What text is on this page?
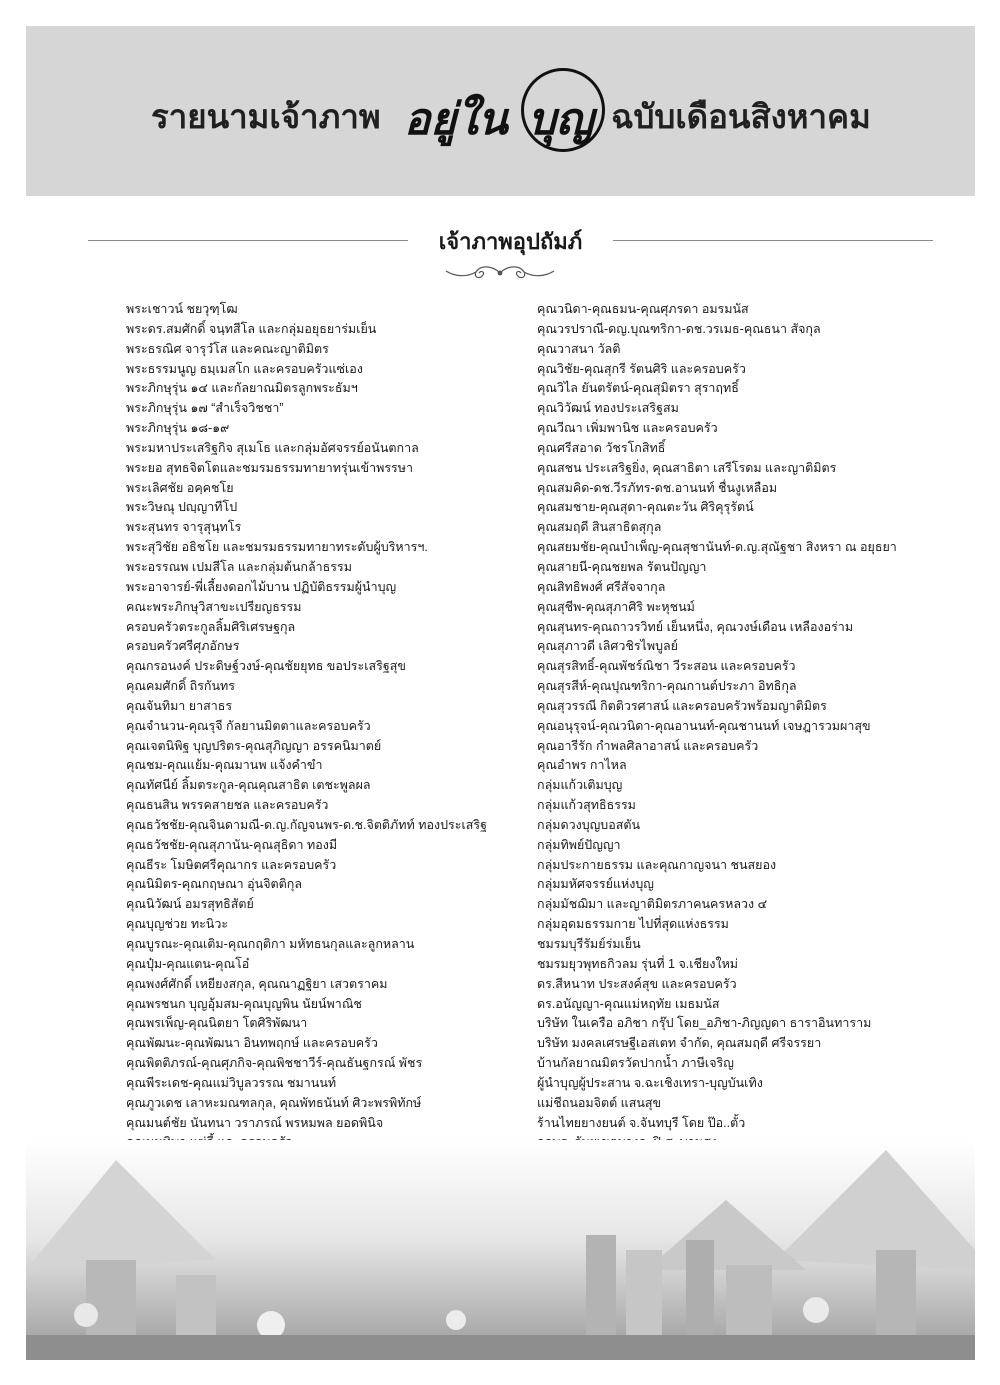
รายนามเจ้าภาพ อยู่ใน บุญ ฉบับเดือนสิงหาคม
เจ้าภาพอุปถัมภ์
พระเชาวน์ ชยวุฑฺโฒ
พระดร.สมศักดิ์ จนฺทสีโล และกลุ่มอยุธยาร่มเย็น
พระธรณิศ จารุวํโส และคณะญาติมิตร
พระธรรมนูญ ธมฺเมสโก และครอบครัวแซ่เอง
พระภิกษุรุ่น ๑๔ และกัลยาณมิตรลูกพระธัมฯ
พระภิกษุรุ่น ๑๗ “สำเร็จวิชชา”
พระภิกษุรุ่น ๑๘-๑๙
พระมหาประเสริฐกิจ สุเมโธ และกลุ่มอัศจรรย์อนันตกาล
พระยอ สุทธจิตโตและชมรมธรรมทายาทรุ่นเข้าพรรษา
พระเลิศชัย อคฺคชโย
พระวิษณุ ปญฺญาทีโป
พระสุนทร จารุสุนฺทโร
พระสุวิชัย อธิชโย และชมรมธรรมทายาทระดับผู้บริหารฯ.
พระอรรณพ เปมสีโล และกลุ่มต้นกล้าธรรม
พระอาจารย์-พี่เลี้ยงดอกไม้บาน ปฏิบัติธรรมผู้นำบุญ
คณะพระภิกษุวิสาขะเปรียญธรรม
ครอบครัวตระกูลลิ้มศิริเศรษฐกุล
ครอบครัวศรีศุภอักษร
คุณกรอนงค์ ประดิษฐ์วงษ์-คุณชัยยุทธ ขอประเสริฐสุข
คุณคมศักดิ์ ถิรกันทร
คุณจันทิมา ยาสาธร
คุณจำนวน-คุณรุจี กัลยานมิตตาและครอบครัว
คุณเจตนิพิฐ บุญปริตร-คุณสุภิญญา อรรคนิมาตย์
คุณชม-คุณแย้ม-คุณมานพ แจ้งคำขำ
คุณทัศนีย์ ลิ้มตระกูล-คุณคุณสาธิต เตชะพูลผล
คุณธนสิน พรรคสายชล และครอบครัว
คุณธวัชชัย-คุณจินดามณี-ด.ญ.กัญจนพร-ด.ช.จิตติภัทท์ ทองประเสริฐ
คุณธวัชชัย-คุณสุภานัน-คุณสุธิดา ทองมี
คุณธีระ โมษิตศรีคุณากร และครอบครัว
คุณนิมิตร-คุณกฤษณา อุ่นจิตติกุล
คุณนิวัฒน์ อมรสุทธิสัตย์
คุณบุญช่วย ทะนิวะ
คุณบูรณะ-คุณเติม-คุณกฤติกา มหัทธนกุลและลูกหลาน
คุณปุ๋ม-คุณแตน-คุณโอ๋
คุณพงศ์ศักดิ์ เหยียงสกุล, คุณณาฏฐิยา เสวตราคม
คุณพรชนก บุญอุ้มสม-คุณบุญพิน นัยน์พาณิช
คุณพรเพ็ญ-คุณนิตยา โตศิริพัฒนา
คุณพัฒนะ-คุณพัฒนา อินทพฤกษ์ และครอบครัว
คุณพิตติภรณ์-คุณศุภกิจ-คุณพิชชาวีร์-คุณธันฐกรณ์ พัชร
คุณพีระเดช-คุณแม่วิบูลวรรณ ชมานนท์
คุณภูวเดช เลาหะมณฑลกุล, คุณพัทธนันท์ ศิวะพรพิทักษ์
คุณมนต์ชัย นันทนา วราภรณ์ พรหมพล ยอดพินิจ
คุณวนิดา-คุณธมน-คุณศุภรดา อมรมนัส
คุณวรปราณี-ดญ.บุณฑริกา-ดช.วรเมธ-คุณธนา สัจกุล
คุณวาสนา วัลติ
คุณวิชัย-คุณสุกรี รัตนศิริ และครอบครัว
คุณวิไล ยันตรัตน์-คุณสุมิตรา สุราฤทธิ์
คุณวิวัฒน์ ทองประเสริฐสม
คุณวีณา เพิ่มพานิช และครอบครัว
คุณศรีสอาด วัชรโกสิทธิ์
คุณสชน ประเสริฐยิ่ง, คุณสาธิตา เสรีโรดม และญาติมิตร
คุณสมคิด-ดช.วีรภัทร-ดช.อานนท์ ชื่นงูเหลือม
คุณสมชาย-คุณสุดา-คุณตะวัน ศิริคุรุรัตน์
คุณสมฤดี สินสาธิตสุกุล
คุณสยมชัย-คุณบำเพ็ญ-คุณสุชานันท์-ด.ญ.สุณัฐชา สิงหรา ณ อยุธยา
คุณสายนี-คุณชยพล รัตนปัญญา
คุณสิทธิพงศ์ ศรีสัจจากุล
คุณสุชีพ-คุณสุภาศิริ พะหุชนม์
คุณสุนทร-คุณถาวรวิทย์ เย็นหนึ่ง, คุณวงษ์เดือน เหลืองอร่าม
คุณสุภาวดี เลิศวชิรไพบูลย์
คุณสุรสิทธิ์-คุณพัชร์ณิชา วีระสอน และครอบครัว
คุณสุรสีห์-คุณปุณฑริกา-คุณกานต์ประภา อิทธิกุล
คุณสุวรรณี กิตติวรศาสน์ และครอบครัวพร้อมญาติมิตร
คุณอนุรุจน์-คุณวนิดา-คุณอานนท์-คุณชานนท์ เจษฎารวมผาสุข
คุณอารีรัก กำพลศิลาอาสน์ และครอบครัว
คุณอำพร กาไหล
กลุ่มแก้วเติมบุญ
กลุ่มแก้วสุทธิธรรม
กลุ่มดวงบุญบอสตัน
กลุ่มทิพย์ปัญญา
กลุ่มประกายธรรม และคุณกาญจนา ชนสยอง
กลุ่มมหัศจรรย์แห่งบุญ
กลุ่มมัชฌิมา และญาติมิตรภาคนครหลวง ๔
กลุ่มอุดมธรรมกาย ไปที่สุดแห่งธรรม
ชมรมบุรีรัมย์ร่มเย็น
ชมรมยุวพุทธกิวลม รุ่นที่ 1 จ.เชียงใหม่
ดร.สีหนาท ประสงค์สุข และครอบครัว
ดร.อนัญญา-คุณแม่หฤทัย เมธมนัส
บริษัท ในเครือ อภิชา กรุ๊ป โดย_อภิชา-ภิญญดา ธาราอินทาราม
บริษัท มงคลเศรษฐีเอสเตท จำกัด, คุณสมฤดี ศรีจรรยา
บ้านกัลยาณมิตรวัดปากน้ำ ภาษีเจริญ
ผู้นำบุญผู้ประสาน จ.ฉะเชิงเทรา-บุญบันเทิง
แม่ชีถนอมจิตต์ แสนสุข
ร้านไทยยางยนต์ จ.จันทบุรี โดย ป๊อ..ตั้ว
